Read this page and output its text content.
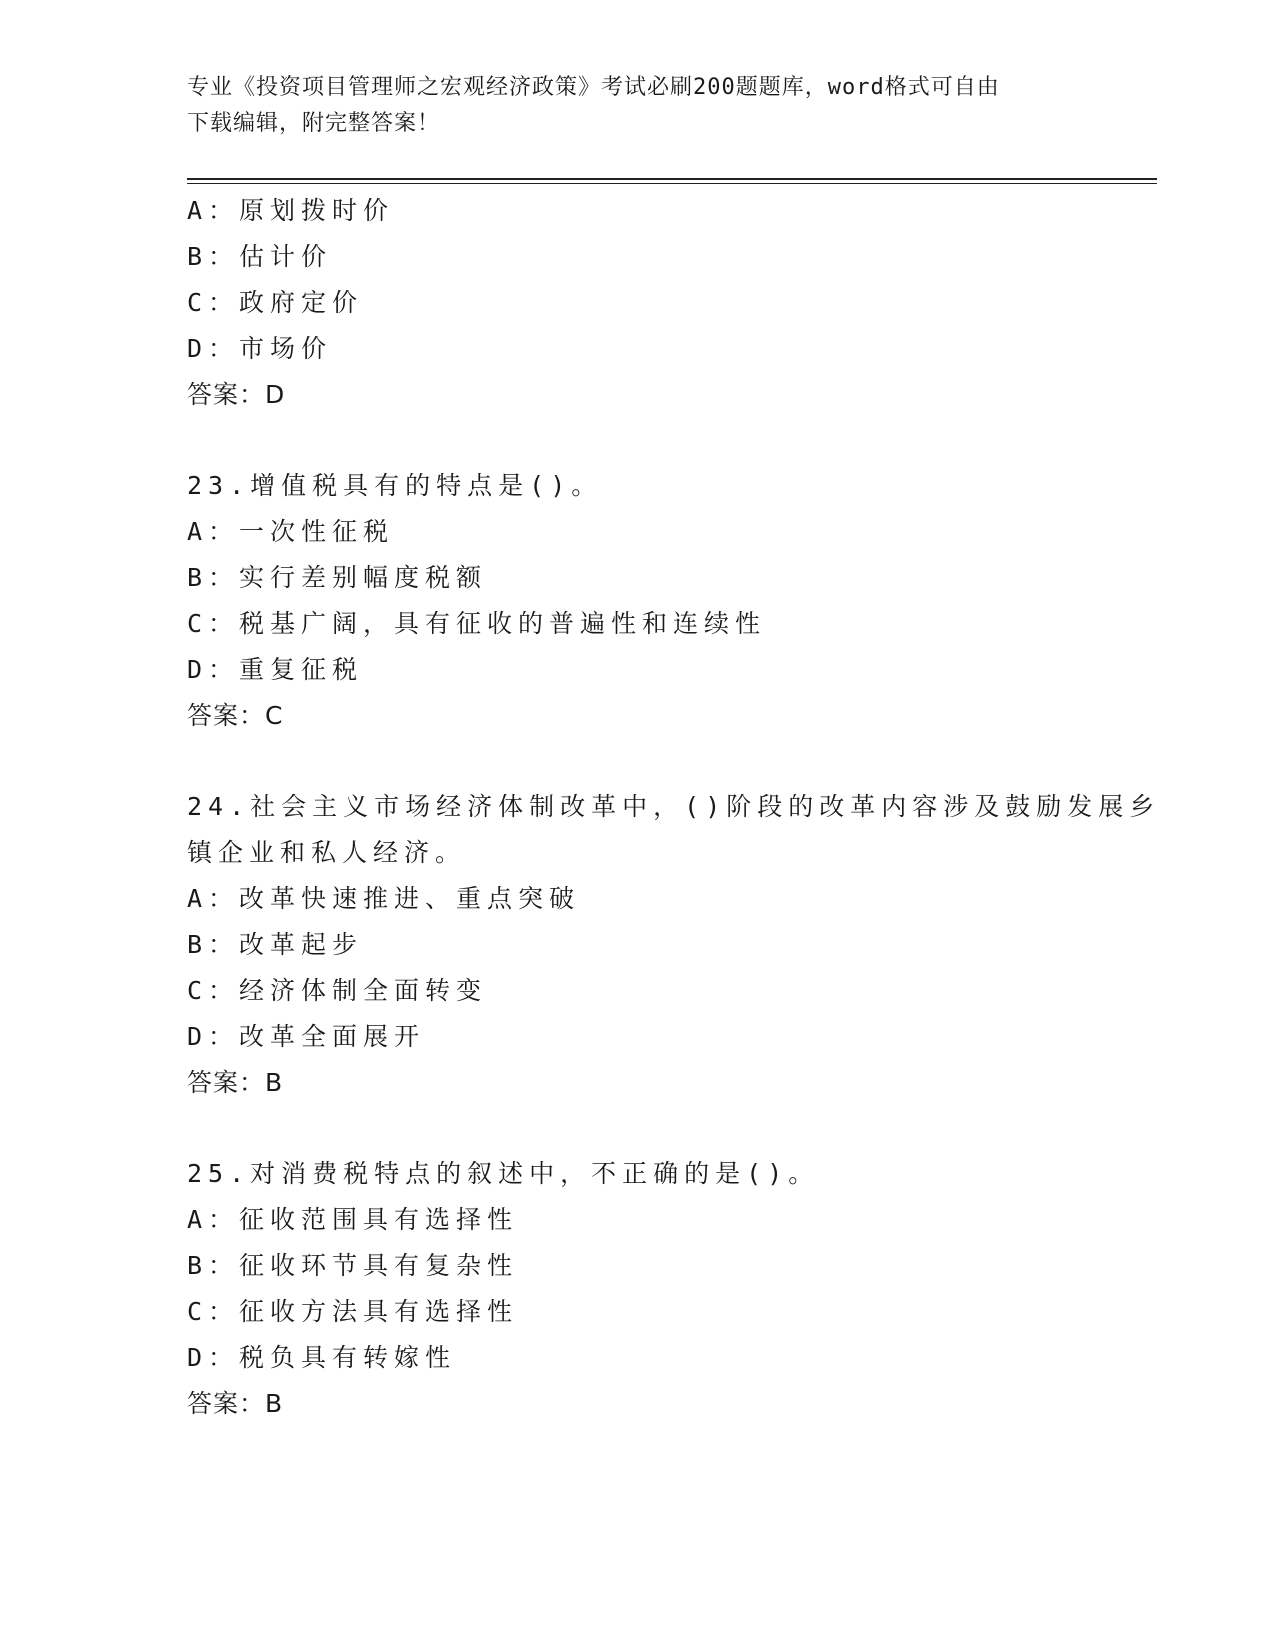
专业《投资项目管理师之宏观经济政策》考试必刷200题题库，word格式可自由
下载编辑，附完整答案！
A：原划拨时价
B：估计价
C：政府定价
D：市场价
答案：D
23.增值税具有的特点是()。
A：一次性征税
B：实行差别幅度税额
C：税基广阔，具有征收的普遍性和连续性
D：重复征税
答案：C
24.社会主义市场经济体制改革中，()阶段的改革内容涉及鼓励发展乡
镇企业和私人经济。
A：改革快速推进、重点突破
B：改革起步
C：经济体制全面转变
D：改革全面展开
答案：B
25.对消费税特点的叙述中，不正确的是()。
A：征收范围具有选择性
B：征收环节具有复杂性
C：征收方法具有选择性
D：税负具有转嫁性
答案：B
